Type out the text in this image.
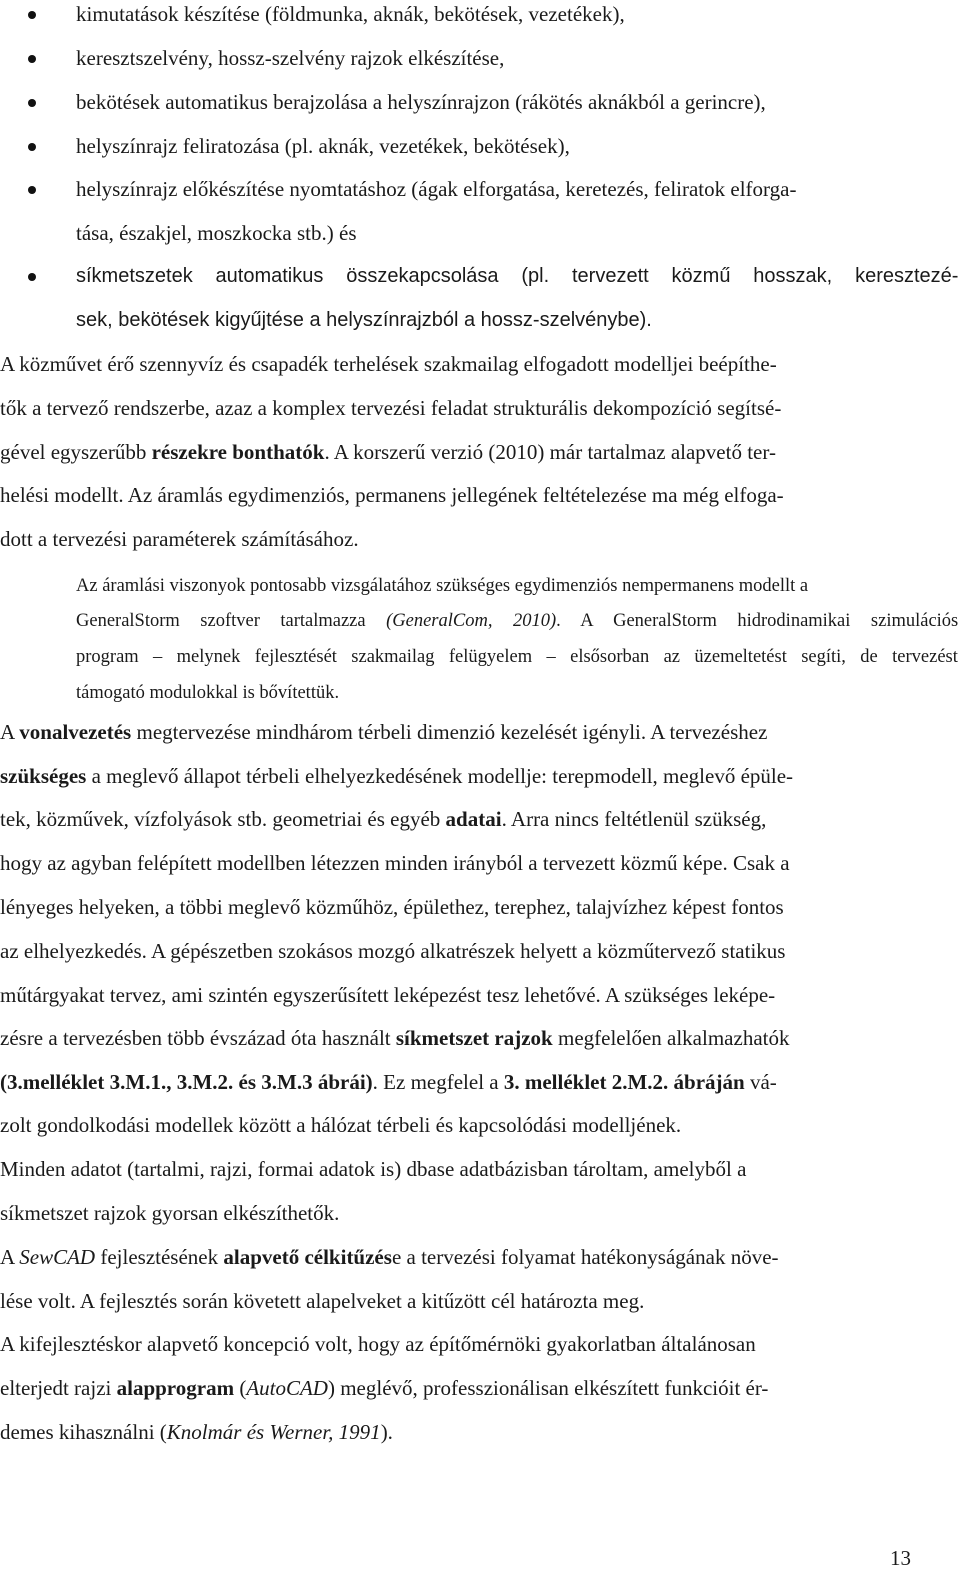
kimutatások készítése (földmunka, aknák, bekötések, vezetékek),
keresztszelvény, hossz-szelvény rajzok elkészítése,
bekötések automatikus berajzolása a helyszínrajzon (rákötés aknákból a gerincre),
helyszínrajz feliratozása (pl. aknák, vezetékek, bekötések),
helyszínrajz előkészítése nyomtatáshoz (ágak elforgatása, keretezés, feliratok elforga-
tása, északjel, moszkocka stb.) és
síkmetszetek automatikus összekapcsolása (pl. tervezett közmű hosszak, keresztezé-
sek, bekötések kigyűjtése a helyszínrajzból a hossz-szelvénybe).
A közművet érő szennyvíz és csapadék terhelések szakmailag elfogadott modelljei beépíthe-
tők a tervező rendszerbe, azaz a komplex tervezési feladat strukturális dekompozíció segítsé-
gével egyszerűbb részekre bonthatók. A korszerű verzió (2010) már tartalmaz alapvető ter-
helési modellt. Az áramlás egydimenziós, permanens jellegének feltételezése ma még elfoga-
dott a tervezési paraméterek számításához.
Az áramlási viszonyok pontosabb vizsgálatához szükséges egydimenziós nempermanens modellt a
GeneralStorm szoftver tartalmazza (GeneralCom, 2010). A GeneralStorm hidrodinamikai szimulációs
program – melynek fejlesztését szakmailag felügyelem – elsősorban az üzemeltetést segíti, de tervezést
támogató modulokkal is bővítettük.
A vonalvezetés megtervezése mindhárom térbeli dimenzió kezelését igényli. A tervezéshez
szükséges a meglevő állapot térbeli elhelyezkedésének modellje: terepmodell, meglevő épüle-
tek, közművek, vízfolyások stb. geometriai és egyéb adatai. Arra nincs feltétlenül szükség,
hogy az agyban felépített modellben létezzen minden irányból a tervezett közmű képe. Csak a
lényeges helyeken, a többi meglevő közműhöz, épülethez, terephez, talajvízhez képest fontos
az elhelyezkedés. A gépészetben szokásos mozgó alkatrészek helyett a közműtervező statikus
műtárgyakat tervez, ami szintén egyszerűsített leképezést tesz lehetővé. A szükséges leképe-
zésre a tervezésben több évszázad óta használt síkmetszet rajzok megfelelően alkalmazhatók
(3.melléklet 3.M.1., 3.M.2. és 3.M.3 ábrái). Ez megfelel a 3. melléklet 2.M.2. ábráján vá-
zolt gondolkodási modellek között a hálózat térbeli és kapcsolódási modelljének.
Minden adatot (tartalmi, rajzi, formai adatok is) dbase adatbázisban tároltam, amelyből a
síkmetszet rajzok gyorsan elkészíthetők.
A SewCAD fejlesztésének alapvető célkitűzése a tervezési folyamat hatékonyságának növe-
lése volt. A fejlesztés során követett alapelveket a kitűzött cél határozta meg.
A kifejlesztéskor alapvető koncepció volt, hogy az építőmérnöki gyakorlatban általánosan
elterjedt rajzi alapprogram (AutoCAD) meglévő, professzionálisan elkészített funkcióit ér-
demes kihasználni (Knolmár és Werner, 1991).
13
